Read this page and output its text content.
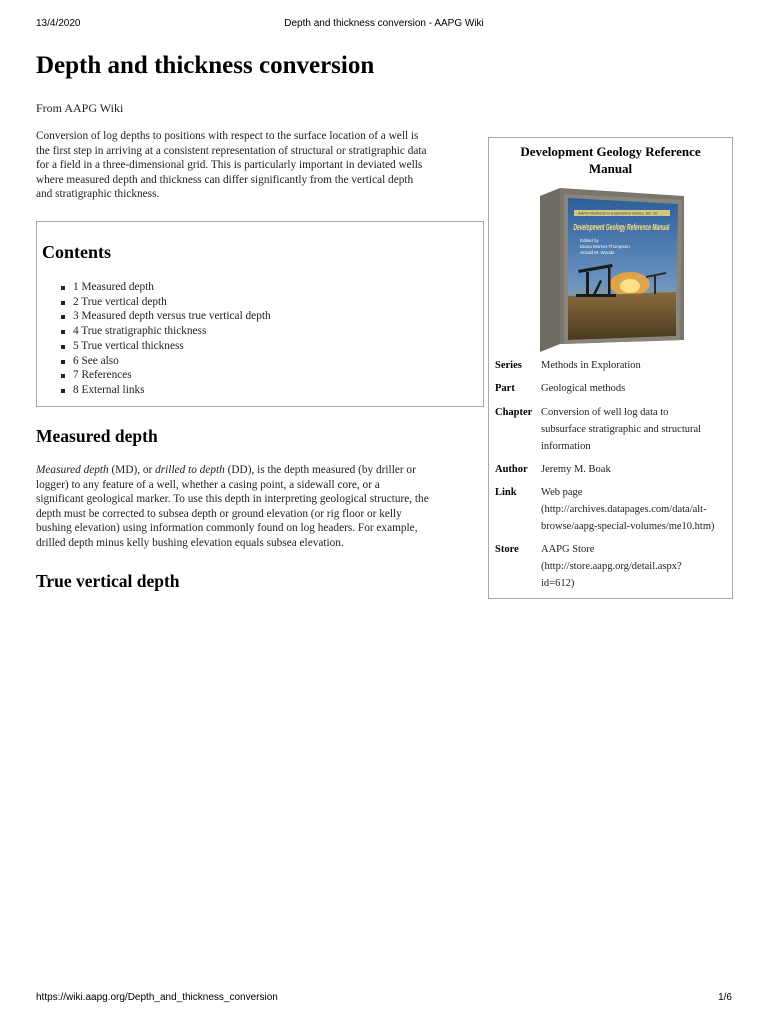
13/4/2020	Depth and thickness conversion - AAPG Wiki
Depth and thickness conversion
From AAPG Wiki

Conversion of log depths to positions with respect to the surface location of a well is
the first step in arriving at a consistent representation of structural or stratigraphic data
for a field in a three-dimensional grid. This is particularly important in deviated wells
where measured depth and thickness can differ significantly from the vertical depth
and stratigraphic thickness.

Contents
1 Measured depth
2 True vertical depth
3 Measured depth versus true vertical depth
4 True stratigraphic thickness
5 True vertical thickness
6 See also
7 References
8 External links
Measured depth

Measured depth (MD), or drilled to depth (DD), is the depth measured (by driller or
logger) to any feature of a well, whether a casing point, a sidewall core, or a
significant geological marker. To use this depth in interpreting geological structure, the
depth must be corrected to subsea depth or ground elevation (or rig floor or kelly
bushing elevation) using information commonly found on log headers. For example,
drilled depth minus kelly bushing elevation equals subsea elevation.

True vertical depth
Development Geology Reference
Manual
AAPG Methods in Exploration Series, No. 10
Development Geology Reference Manual
Edited by
Diana Morton-Thompson
Arnold M. Woods
Series Methods in Exploration
Part Geological methods
Chapter Conversion of well log data to
subsurface stratigraphic and structural
information
Author Jeremy M. Boak
Link Web page
(http://archives.datapages.com/data/alt-
browse/aapg-special-volumes/me10.htm)
Store AAPG Store
(http://store.aapg.org/detail.aspx?
id=612)
https://wiki.aapg.org/Depth_and_thickness_conversion	1/6
